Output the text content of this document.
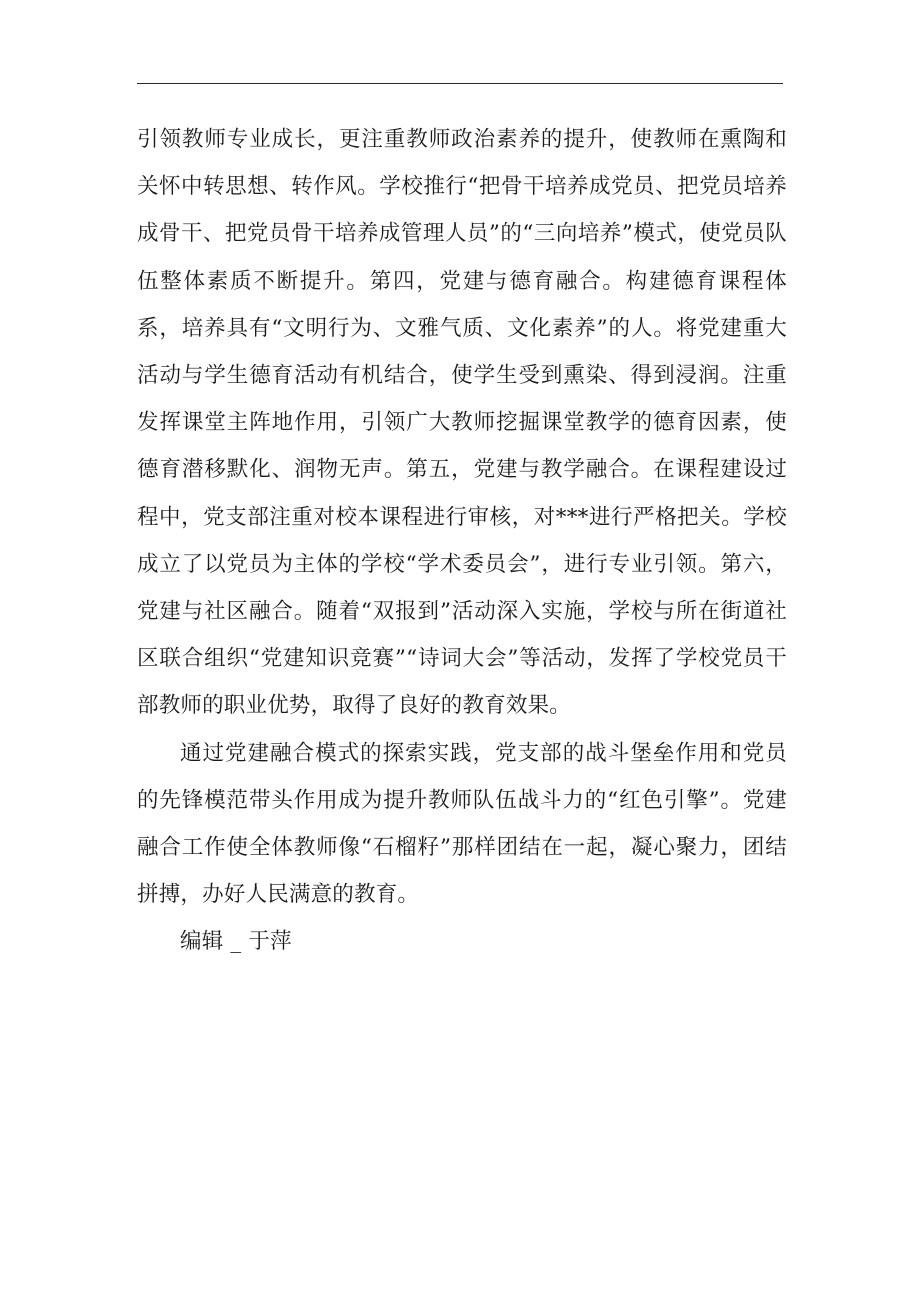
引领教师专业成长，更注重教师政治素养的提升，使教师在熏陶和关怀中转思想、转作风。学校推行“把骨干培养成党员、把党员培养成骨干、把党员骨干培养成管理人员”的“三向培养”模式，使党员队伍整体素质不断提升。第四，党建与德育融合。构建德育课程体系，培养具有“文明行为、文雅气质、文化素养”的人。将党建重大活动与学生德育活动有机结合，使学生受到熏染、得到浸润。注重发挥课堂主阵地作用，引领广大教师挖掘课堂教学的德育因素，使德育潜移默化、润物无声。第五，党建与教学融合。在课程建设过程中，党支部注重对校本课程进行审核，对***进行严格把关。学校成立了以党员为主体的学校“学术委员会”，进行专业引领。第六，党建与社区融合。随着“双报到”活动深入实施，学校与所在街道社区联合组织“党建知识竞赛”“诗词大会”等活动，发挥了学校党员干部教师的职业优势，取得了良好的教育效果。

通过党建融合模式的探索实践，党支部的战斗堡垒作用和党员的先锋模范带头作用成为提升教师队伍战斗力的“红色引擎”。党建融合工作使全体教师像“石榴籽”那样团结在一起，凝心聚力，团结拼搏，办好人民满意的教育。

编辑 _ 于萍
